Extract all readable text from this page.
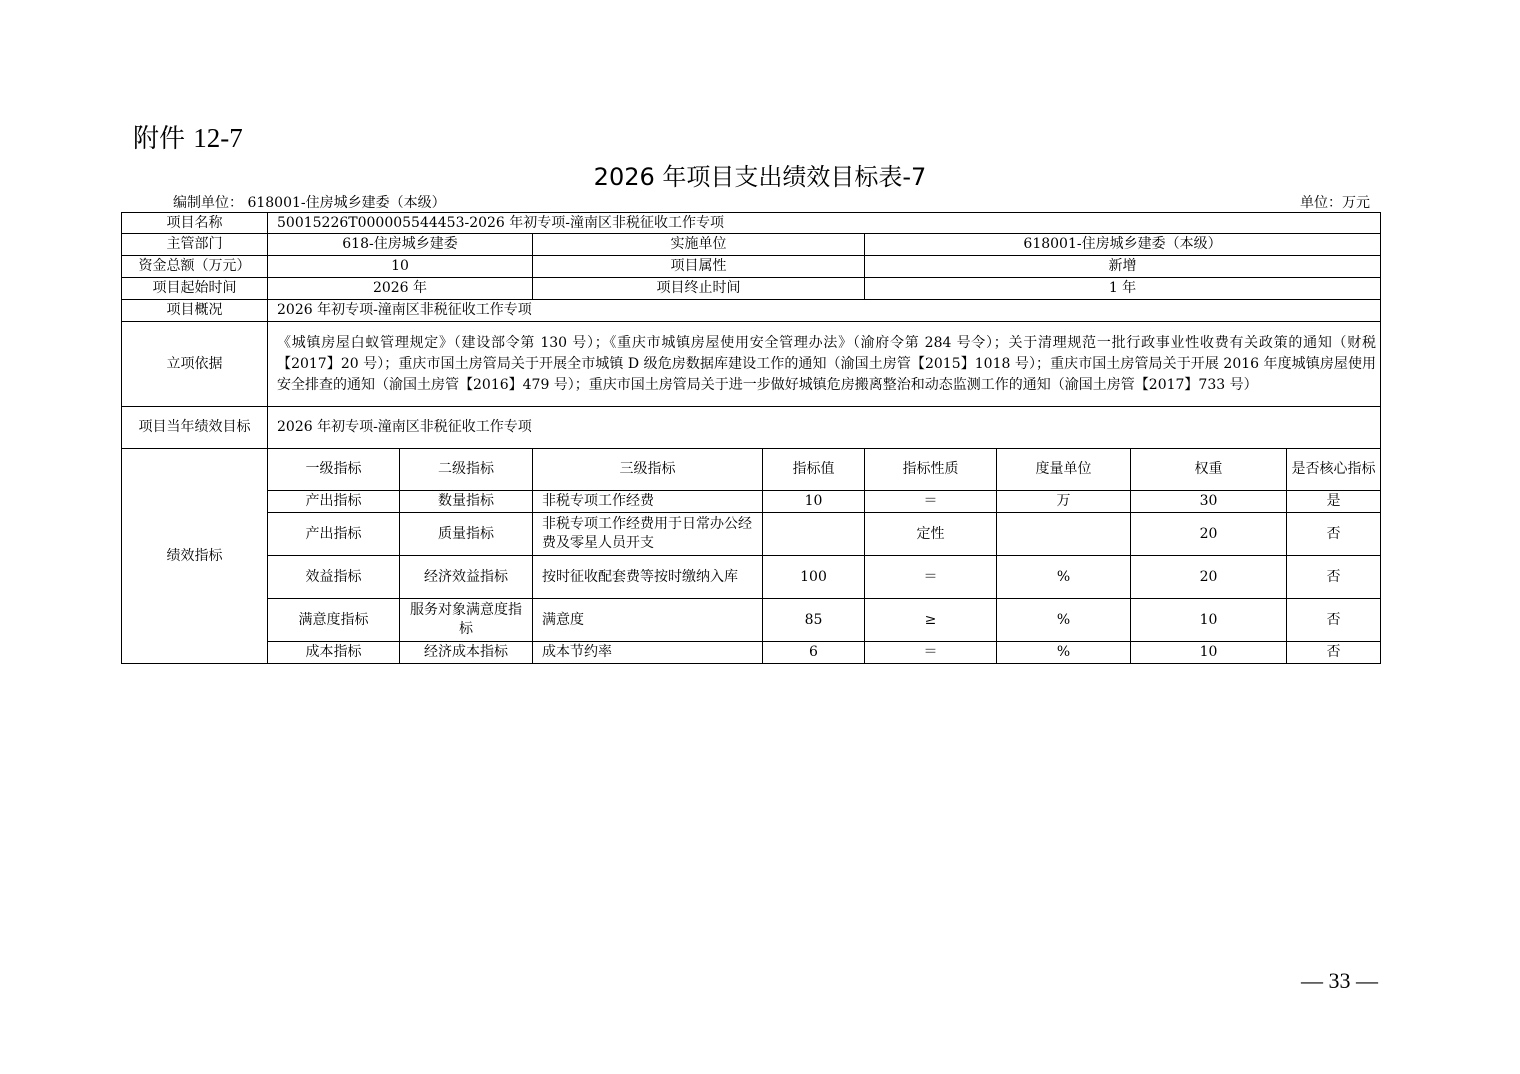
附件 12-7
2026 年项目支出绩效目标表-7
编制单位： 618001-住房城乡建委（本级）	单位：万元
项目名称	50015226T000005544453-2026 年初专项-潼南区非税征收工作专项							
主管部门	618-住房城乡建委		实施单位		618001-住房城乡建委（本级）			
资金总额（万元）	10		项目属性		新增			
项目起始时间	2026 年		项目终止时间		1 年			
项目概况	2026 年初专项-潼南区非税征收工作专项							
立项依据	《城镇房屋白蚁管理规定》（建设部令第 130 号）；《重庆市城镇房屋使用安全管理办法》（渝府令第 284 号令）；关于清理规范一批行政事业性收费有关政策的通知（财税【2017】20 号）；重庆市国土房管局关于开展全市城镇 D 级危房数据库建设工作的通知（渝国土房管【2015】1018 号）；重庆市国土房管局关于开展 2016 年度城镇房屋使用安全排查的通知（渝国土房管【2016】479 号）；重庆市国土房管局关于进一步做好城镇危房搬离整治和动态监测工作的通知（渝国土房管【2017】733 号）							
项目当年绩效目标	2026 年初专项-潼南区非税征收工作专项							
绩效指标	一级指标	二级指标	三级指标	指标值	指标性质	度量单位	权重	是否核心指标
	产出指标	数量指标	非税专项工作经费	10	＝	万	30	是
	产出指标	质量指标	非税专项工作经费用于日常办公经费及零星人员开支		定性		20	否
	效益指标	经济效益指标	按时征收配套费等按时缴纳入库	100	＝	%	20	否
	满意度指标	服务对象满意度指标	满意度	85	≥	%	10	否
	成本指标	经济成本指标	成本节约率	6	＝	%	10	否
— 33 —
